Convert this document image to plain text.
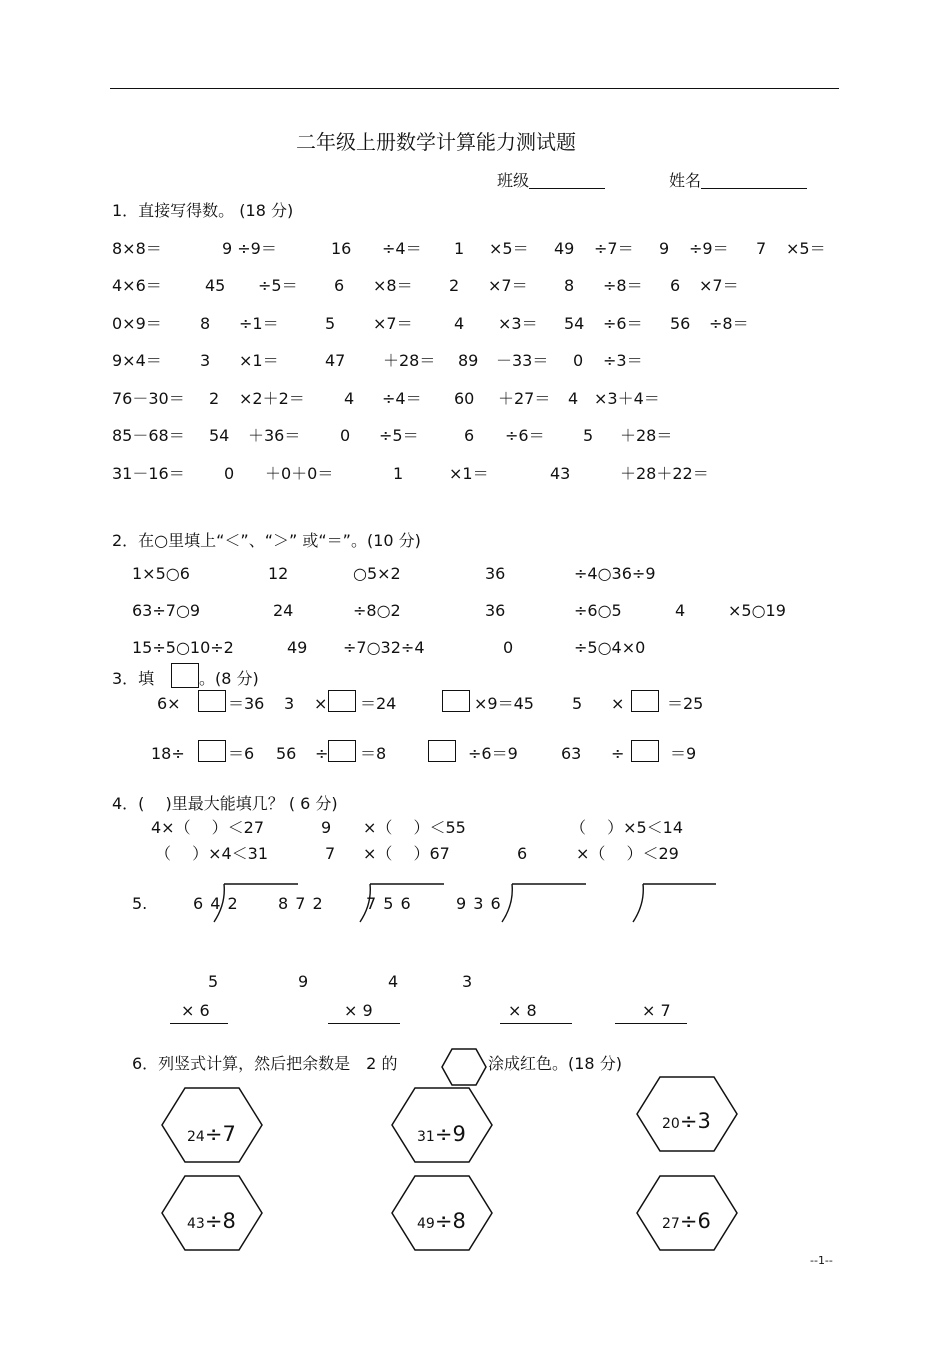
二年级上册数学计算能力测试题
班级	姓名
1．直接写得数。 (18 分)
8×8＝	9 ÷9＝	16 ÷4＝ 1 ×5＝ 49 ÷7＝ 9 ÷9＝ 7 ×5＝
4×6＝	45 ÷5＝ 6 ×8＝ 2 ×7＝ 8 ÷8＝ 6 ×7＝
0×9＝ 8 ÷1＝	5 ×7＝	4 ×3＝ 54 ÷6＝ 56 ÷8＝
9×4＝ 3 ×1＝	47 ＋28＝ 89 －33＝ 0 ÷3＝
76－30＝ 2 ×2＋2＝ 4 ÷4＝ 60 ＋27＝ 4 ×3＋4＝
85－68＝ 54 ＋36＝ 0 ÷5＝	6 ÷6＝ 5 ＋28＝
31－16＝ 0 ＋0＋0＝	1	×1＝	43	＋28＋22＝
2．在○里填上“＜”、“＞” 或“＝”。(10 分)
1×5○6	12	○5×2	36	÷4○36÷9
63÷7○9	24	÷8○2	36	÷6○5	4	×5○19
15÷5○10÷2	49 ÷7○32÷4	0	÷5○4×0
3．填	。(8 分)
6×	＝36 3 × ＝24	×9＝45 5 ×	＝25
18÷	＝6 56 ÷ ＝8	÷6＝9	63 ÷	＝9
4．(　 )里最大能填几？ ( 6 分)
4×（　 ）＜27	9 ×（　 ）＜55	（　 ）×5＜14
（　 ）×4＜31	7 ×（　 ）67	6	×（　 ）＜29
5.	6 4 2 8 7 2	7 5 6	9 3 6
5	9	4	3
× 6	× 9	× 8	× 7
6．列竖式计算，然后把余数是　2 的	涂成红色。(18 分)
24÷7	31÷9	20÷3
43÷8	49÷8	27÷6
--1--
